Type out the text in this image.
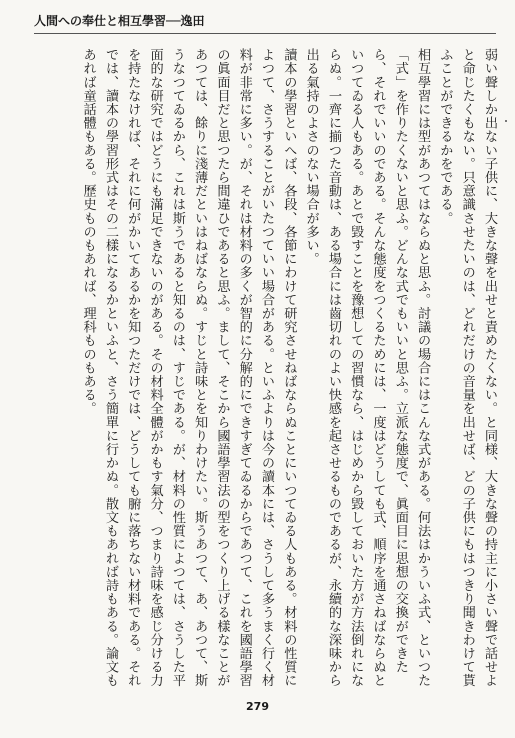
人間への奉仕と相互學習──逸田

弱い聲しか出ない子供に、大きな聲を出せと責めたくない。と同様、大きな聲の持主に小さい聲で話せよと命じたくもない。只意識させたいのは、どれだけの音量を出せば、どの子供にもはつきり聞きわけて貰ふことができるかをである。

相互學習には型があつてはならぬと思ふ。討議の場合にはこんな式がある。何法はかういふ式、といつた「式」を作りたくないと思ふ。どんな式でもいいと思ふ。立派な態度で、眞面目に思想の交換ができたら、それでいいのである。そんな態度をつくるためには、一度はどうしても式、順序を通さねばならぬといつてゐる人もある。あとで毀すことを豫想しての習慣なら、はじめから毀しておいた方が方法倒れにならぬ。一齊に揃つた音動は、ある場合には齒切れのよい快感を起させるものであるが、永續的な深味から出る氣持のよさのない場合が多い。

讀本の學習といへば、各段、各節にわけて研究させねばならぬことにいつてゐる人もある。材料の性質によつて、さうすることがいたつていい場合がある。といふよりは今の讀本には、さうして多うまく行く材料が非常に多い。が、それは材料の多くが智的に分解的にできすぎてゐるからであつて、これを國語學習の眞面目だと思つたら間違ひであると思ふ。まして、そこから國語學習法の型をつくり上げる樣なことがあつては、餘りに淺薄だといはねばならぬ。すじと詩味とを知りわけたい。斯うあつて、あ、あつて、斯うなつてゐるから、これは斯うであると知るのは、すじである。が、材料の性質によつては、さうした平面的な研究ではどうにも滿足できないのがある。その材料全體がかもす氣分、つまり詩味を感じ分ける力を持たなければ、それに何がかいてあるかを知つただけでは、どうしても腑に落ちない材料である。それでは、讀本の學習形式はその二樣になるかといふと、さう簡單に行かぬ。散文もあれば詩もある。論文もあれば童話體もある。歷史ものもあれば、理科ものもある。

279
